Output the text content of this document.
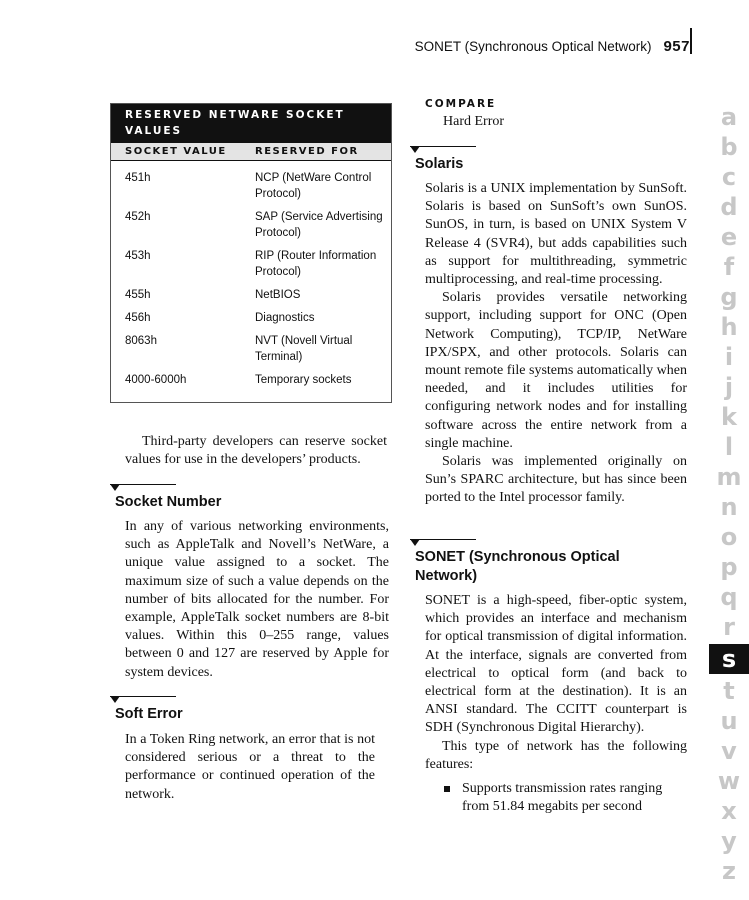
SONET (Synchronous Optical Network) 957
a
b
c
d
e
f
g
h
i
j
k
l
m
n
o
p
q
r
s
t
u
v
w
x
y
z
RESERVED NETWARE SOCKET
VALUES
SOCKET VALUE	RESERVED FOR
451h	NCP (NetWare Control Protocol)
452h	SAP (Service Advertising Protocol)
453h	RIP (Router Information Protocol)
455h	NetBIOS
456h	Diagnostics
8063h	NVT (Novell Virtual Terminal)
4000-6000h	Temporary sockets

Third-party developers can reserve socket values for use in the developers’ products.

Socket Number

In any of various networking environments, such as AppleTalk and Novell’s NetWare, a unique value assigned to a socket. The maximum size of such a value depends on the number of bits allocated for the number. For example, AppleTalk socket numbers are 8-bit values. Within this 0–255 range, values between 0 and 127 are reserved by Apple for system devices.

Soft Error

In a Token Ring network, an error that is not considered serious or a threat to the performance or continued operation of the network.

COMPARE
Hard Error
Solaris

Solaris is a UNIX implementation by SunSoft. Solaris is based on SunSoft’s own SunOS. SunOS, in turn, is based on UNIX System V Release 4 (SVR4), but adds capabilities such as support for multithreading, symmetric multiprocessing, and real-time processing.

Solaris provides versatile networking support, including support for ONC (Open Network Computing), TCP/IP, NetWare IPX/SPX, and other protocols. Solaris can mount remote file systems automatically when needed, and it includes utilities for configuring network nodes and for installing software across the entire network from a single machine.

Solaris was implemented originally on Sun’s SPARC architecture, but has since been ported to the Intel processor family.

SONET (Synchronous Optical
Network)

SONET is a high-speed, fiber-optic system, which provides an interface and mechanism for optical transmission of digital information. At the interface, signals are converted from electrical to optical form (and back to electrical form at the destination). It is an ANSI standard. The CCITT counterpart is SDH (Synchronous Digital Hierarchy).

This type of network has the following features:

Supports transmission rates ranging from 51.84 megabits per second
